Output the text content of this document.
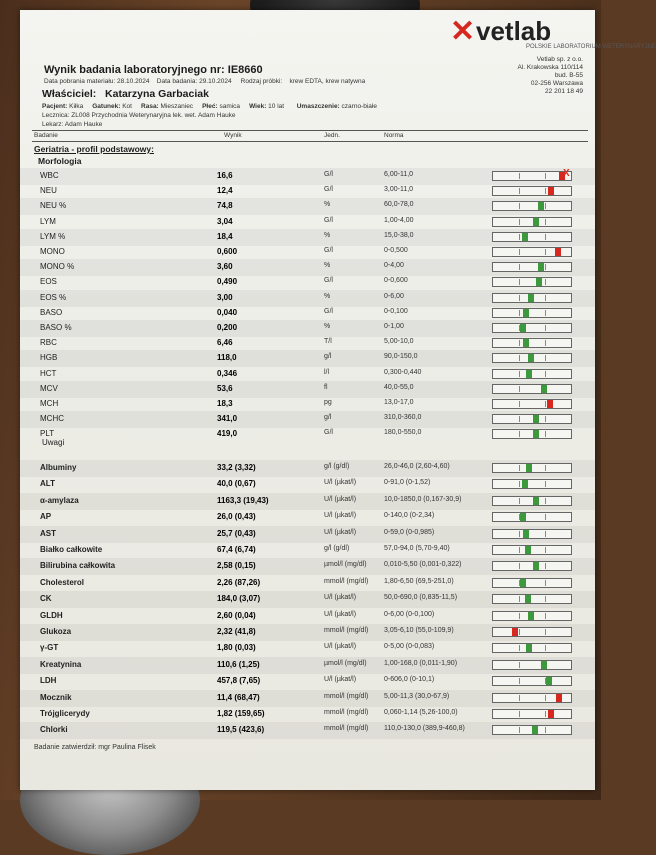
✕ vetlab
POLSKIE LABORATORIUM WETERYNARYJNE
Vetlab sp. z o.o.
Al. Krakowska 110/114
bud. B-55
02-256 Warszawa
22 201 18 49
Wynik badania laboratoryjnego nr: IE8660
Data pobrania materiału: 28.10.2024 Data badania: 29.10.2024 Rodzaj próbki: krew EDTA, krew natywna
Właściciel: Katarzyna Garbaciak
Pacjent: Kiłka Gatunek: Kot Rasa: Mieszaniec Płeć: samica Wiek: 10 lat Umaszczenie: czarno-białe
Lecznica: ZL008 Przychodnia Weterynaryjna lek. wet. Adam Hauke
Lekarz: Adam Hauke
Badanie	Wynik	Jedn.	Norma
Geriatria - profil podstawowy:
Morfologia
WBC	16,6	G/l	6,00-11,0	X
NEU	12,4	G/l	3,00-11,0
NEU %	74,8	%	60,0-78,0
LYM	3,04	G/l	1,00-4,00
LYM %	18,4	%	15,0-38,0
MONO	0,600	G/l	0-0,500
MONO %	3,60	%	0-4,00
EOS	0,490	G/l	0-0,600
EOS %	3,00	%	0-6,00
BASO	0,040	G/l	0-0,100
BASO %	0,200	%	0-1,00
RBC	6,46	T/l	5,00-10,0
HGB	118,0	g/l	90,0-150,0
HCT	0,346	l/l	0,300-0,440
MCV	53,6	fl	40,0-55,0
MCH	18,3	pg	13,0-17,0
MCHC	341,0	g/l	310,0-360,0
PLT	419,0	G/l	180,0-550,0
Uwagi
Albuminy	33,2 (3,32)	g/l (g/dl)	26,0-46,0 (2,60-4,60)
ALT	40,0 (0,67)	U/l (µkat/l)	0-91,0 (0-1,52)
α-amylaza	1163,3 (19,43)	U/l (µkat/l)	10,0-1850,0 (0,167-30,9)
AP	26,0 (0,43)	U/l (µkat/l)	0-140,0 (0-2,34)
AST	25,7 (0,43)	U/l (µkat/l)	0-59,0 (0-0,985)
Białko całkowite	67,4 (6,74)	g/l (g/dl)	57,0-94,0 (5,70-9,40)
Bilirubina całkowita	2,58 (0,15)	µmol/l (mg/dl) 0,010-5,50 (0,001-0,322)
Cholesterol	2,26 (87,26)	mmol/l (mg/dl) 1,80-6,50 (69,5-251,0)
CK	184,0 (3,07)	U/l (µkat/l)	50,0-690,0 (0,835-11,5)
GLDH	2,60 (0,04)	U/l (µkat/l)	0-6,00 (0-0,100)
Glukoza	2,32 (41,8)	mmol/l (mg/dl) 3,05-6,10 (55,0-109,9)
γ-GT	1,80 (0,03)	U/l (µkat/l)	0-5,00 (0-0,083)
Kreatynina	110,6 (1,25)	µmol/l (mg/dl) 1,00-168,0 (0,011-1,90)
LDH	457,8 (7,65)	U/l (µkat/l)	0-606,0 (0-10,1)
Mocznik	11,4 (68,47)	mmol/l (mg/dl) 5,00-11,3 (30,0-67,9)
Trójglicerydy	1,82 (159,65)	mmol/l (mg/dl) 0,060-1,14 (5,26-100,0)
Chlorki	119,5 (423,6)	mmol/l (mg/dl) 110,0-130,0 (389,9-460,8)
Badanie zatwierdził: mgr Paulina Flisek
